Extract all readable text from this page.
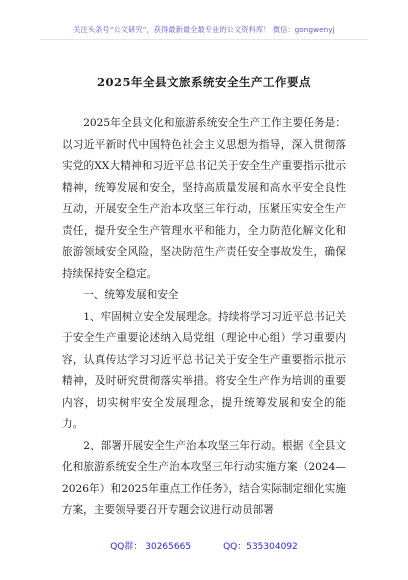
关注头条号“公文研究”，获得最新最全最专业的公文资料库！ 微信：gongwenyj
2025年全县文旅系统安全生产工作要点

2025年全县文化和旅游系统安全生产工作主要任务是：以习近平新时代中国特色社会主义思想为指导，深入贯彻落实党的XX大精神和习近平总书记关于安全生产重要指示批示精神，统筹发展和安全，坚持高质量发展和高水平安全良性互动，开展安全生产治本攻坚三年行动，压紧压实安全生产责任，提升安全生产管理水平和能力，全力防范化解文化和旅游领域安全风险，坚决防范生产责任安全事故发生，确保持续保持安全稳定。

一、统筹发展和安全

1、牢固树立安全发展理念。持续将学习习近平总书记关于安全生产重要论述纳入局党组（理论中心组）学习重要内容，认真传达学习习近平总书记关于安全生产重要指示批示精神，及时研究贯彻落实举措。将安全生产作为培训的重要内容，切实树牢安全发展理念，提升统筹发展和安全的能力。

2、部署开展安全生产治本攻坚三年行动。根据《全县文化和旅游系统安全生产治本攻坚三年行动实施方案（2024—2026年）和2025年重点工作任务》，结合实际制定细化实施方案，主要领导要召开专题会议进行动员部署

QQ群： 30265665	QQ：535304092
